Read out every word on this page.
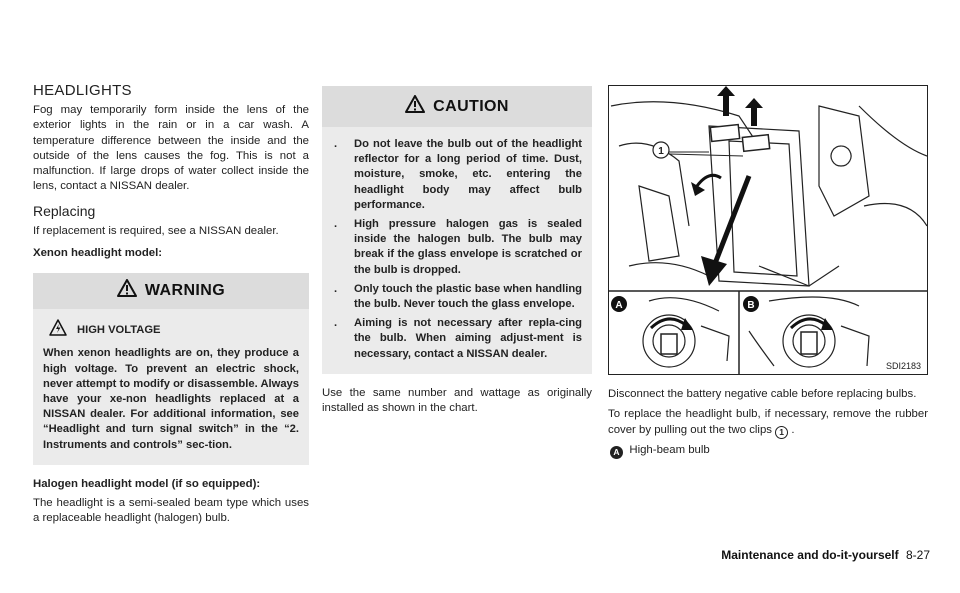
HEADLIGHTS
Fog may temporarily form inside the lens of the exterior lights in the rain or in a car wash. A temperature difference between the inside and the outside of the lens causes the fog. This is not a malfunction. If large drops of water collect inside the lens, contact a NISSAN dealer.
Replacing
If replacement is required, see a NISSAN dealer.
Xenon headlight model:
WARNING
HIGH VOLTAGE
When xenon headlights are on, they produce a high voltage. To prevent an electric shock, never attempt to modify or disassemble. Always have your xe-non headlights replaced at a NISSAN dealer. For additional information, see “Headlight and turn signal switch” in the “2. Instruments and controls” sec-tion.
Halogen headlight model (if so equipped):
The headlight is a semi-sealed beam type which uses a replaceable headlight (halogen) bulb.
CAUTION
. Do not leave the bulb out of the headlight reflector for a long period of time. Dust, moisture, smoke, etc. entering the headlight body may affect bulb performance.
. High pressure halogen gas is sealed inside the halogen bulb. The bulb may break if the glass envelope is scratched or the bulb is dropped.
. Only touch the plastic base when handling the bulb. Never touch the glass envelope.
. Aiming is not necessary after repla-cing the bulb. When aiming adjust-ment is necessary, contact a NISSAN dealer.
Use the same number and wattage as originally installed as shown in the chart.
1
A	B
SDI2183
Disconnect the battery negative cable before replacing bulbs.
To replace the headlight bulb, if necessary, remove the rubber cover by pulling out the two clips 1 .
A High-beam bulb
Maintenance and do-it-yourself 8-27
